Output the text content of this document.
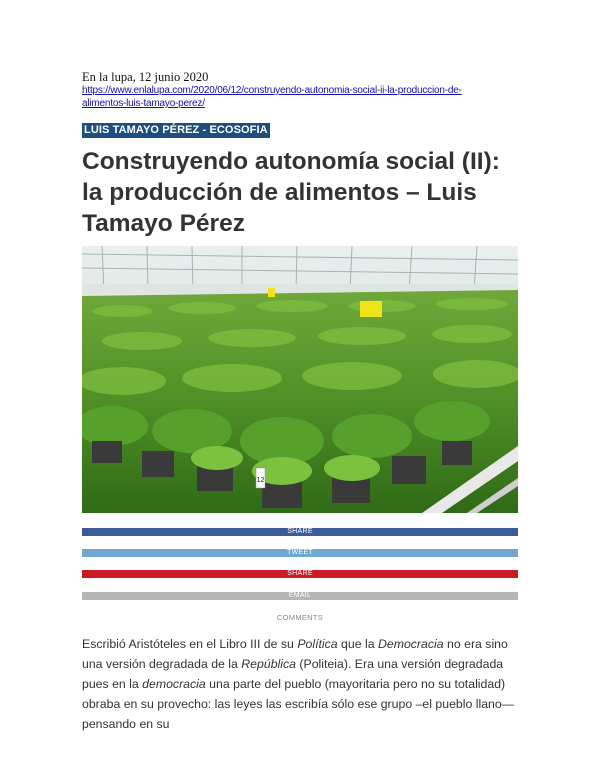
En la lupa, 12 junio 2020
https://www.enlalupa.com/2020/06/12/construyendo-autonomia-social-ii-la-produccion-de-
alimentos-luis-tamayo-perez/
LUIS TAMAYO PÉREZ - ECOSOFIA
Construyendo autonomía social (II): la producción de alimentos – Luis Tamayo Pérez
12
SHARE
TWEET
SHARE
EMAIL
COMMENTS

Escribió Aristóteles en el Libro III de su Política que la Democracia no era sino una versión degradada de la República (Politeia). Era una versión degradada pues en la democracia una parte del pueblo (mayoritaria pero no su totalidad) obraba en su provecho: las leyes las escribía sólo ese grupo –el pueblo llano— pensando en su
